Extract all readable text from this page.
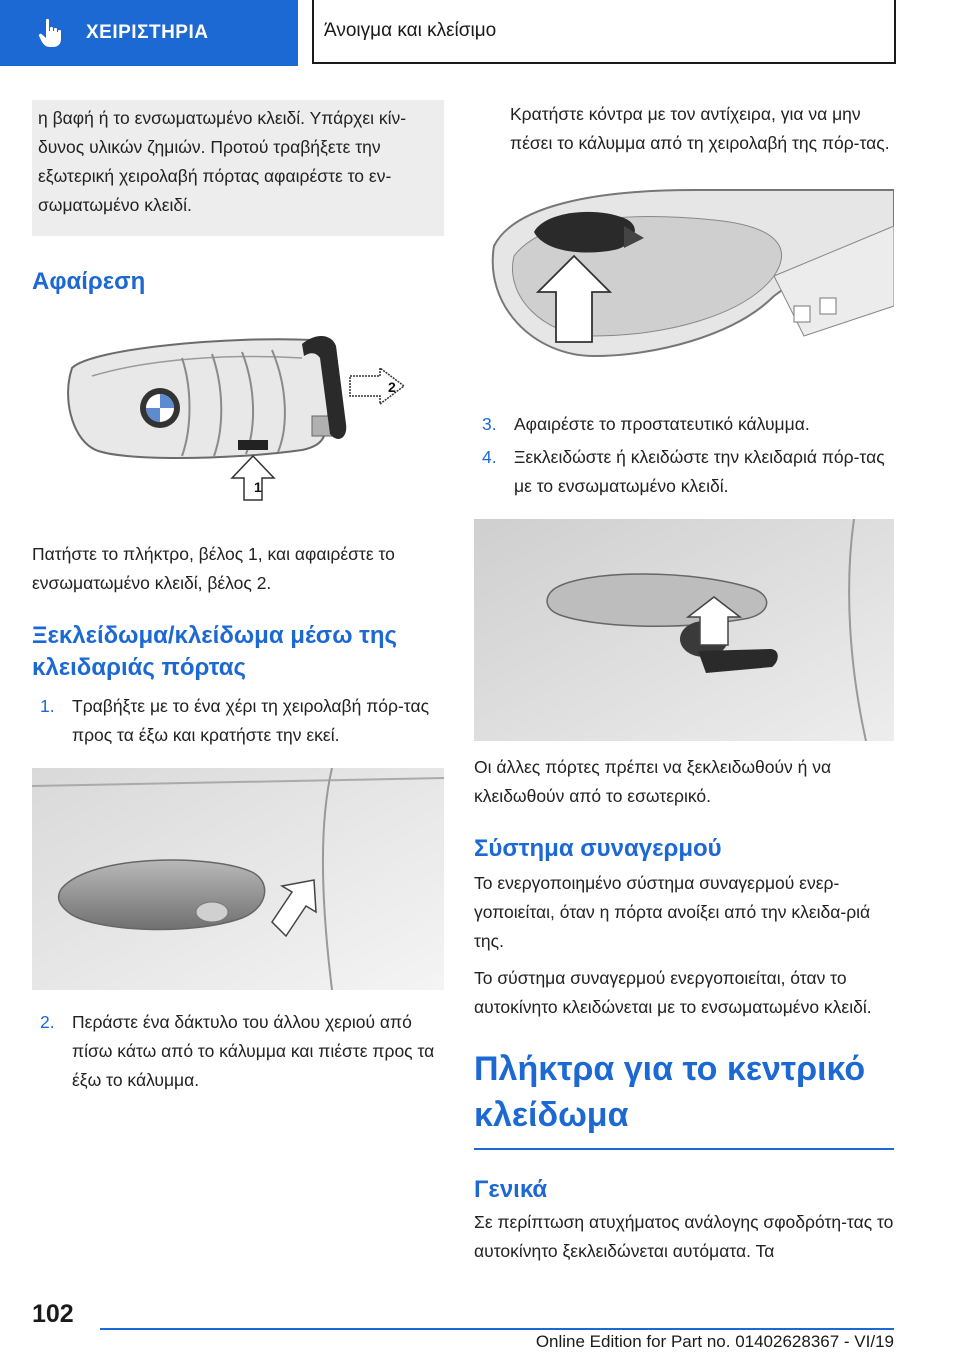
ΧΕΙΡΙΣΤΗΡΙΑ	Άνοιγμα και κλείσιμο
η βαφή ή το ενσωματωμένο κλειδί. Υπάρχει κίν‐δυνος υλικών ζημιών. Προτού τραβήξετε την εξωτερική χειρολαβή πόρτας αφαιρέστε το εν‐σωματωμένο κλειδί.
Αφαίρεση
2
1
Πατήστε το πλήκτρο, βέλος 1, και αφαιρέστε το ενσωματωμένο κλειδί, βέλος 2.
Ξεκλείδωμα/κλείδωμα μέσω της κλειδαριάς πόρτας
1. Τραβήξτε με το ένα χέρι τη χειρολαβή πόρ‐τας προς τα έξω και κρατήστε την εκεί.
2. Περάστε ένα δάκτυλο του άλλου χεριού από πίσω κάτω από το κάλυμμα και πιέστε προς τα έξω το κάλυμμα.
Κρατήστε κόντρα με τον αντίχειρα, για να μην πέσει το κάλυμμα από τη χειρολαβή της πόρ‐τας.
3. Αφαιρέστε το προστατευτικό κάλυμμα.
4. Ξεκλειδώστε ή κλειδώστε την κλειδαριά πόρ‐τας με το ενσωματωμένο κλειδί.
Οι άλλες πόρτες πρέπει να ξεκλειδωθούν ή να κλειδωθούν από το εσωτερικό.
Σύστημα συναγερμού
Το ενεργοποιημένο σύστημα συναγερμού ενερ‐γοποιείται, όταν η πόρτα ανοίξει από την κλειδα‐ριά της.
Το σύστημα συναγερμού ενεργοποιείται, όταν το αυτοκίνητο κλειδώνεται με το ενσωματωμένο κλειδί.
Πλήκτρα για το κεντρικό κλείδωμα
Γενικά
Σε περίπτωση ατυχήματος ανάλογης σφοδρότη‐τας το αυτοκίνητο ξεκλειδώνεται αυτόματα. Τα
102
Online Edition for Part no. 01402628367 - VI/19
